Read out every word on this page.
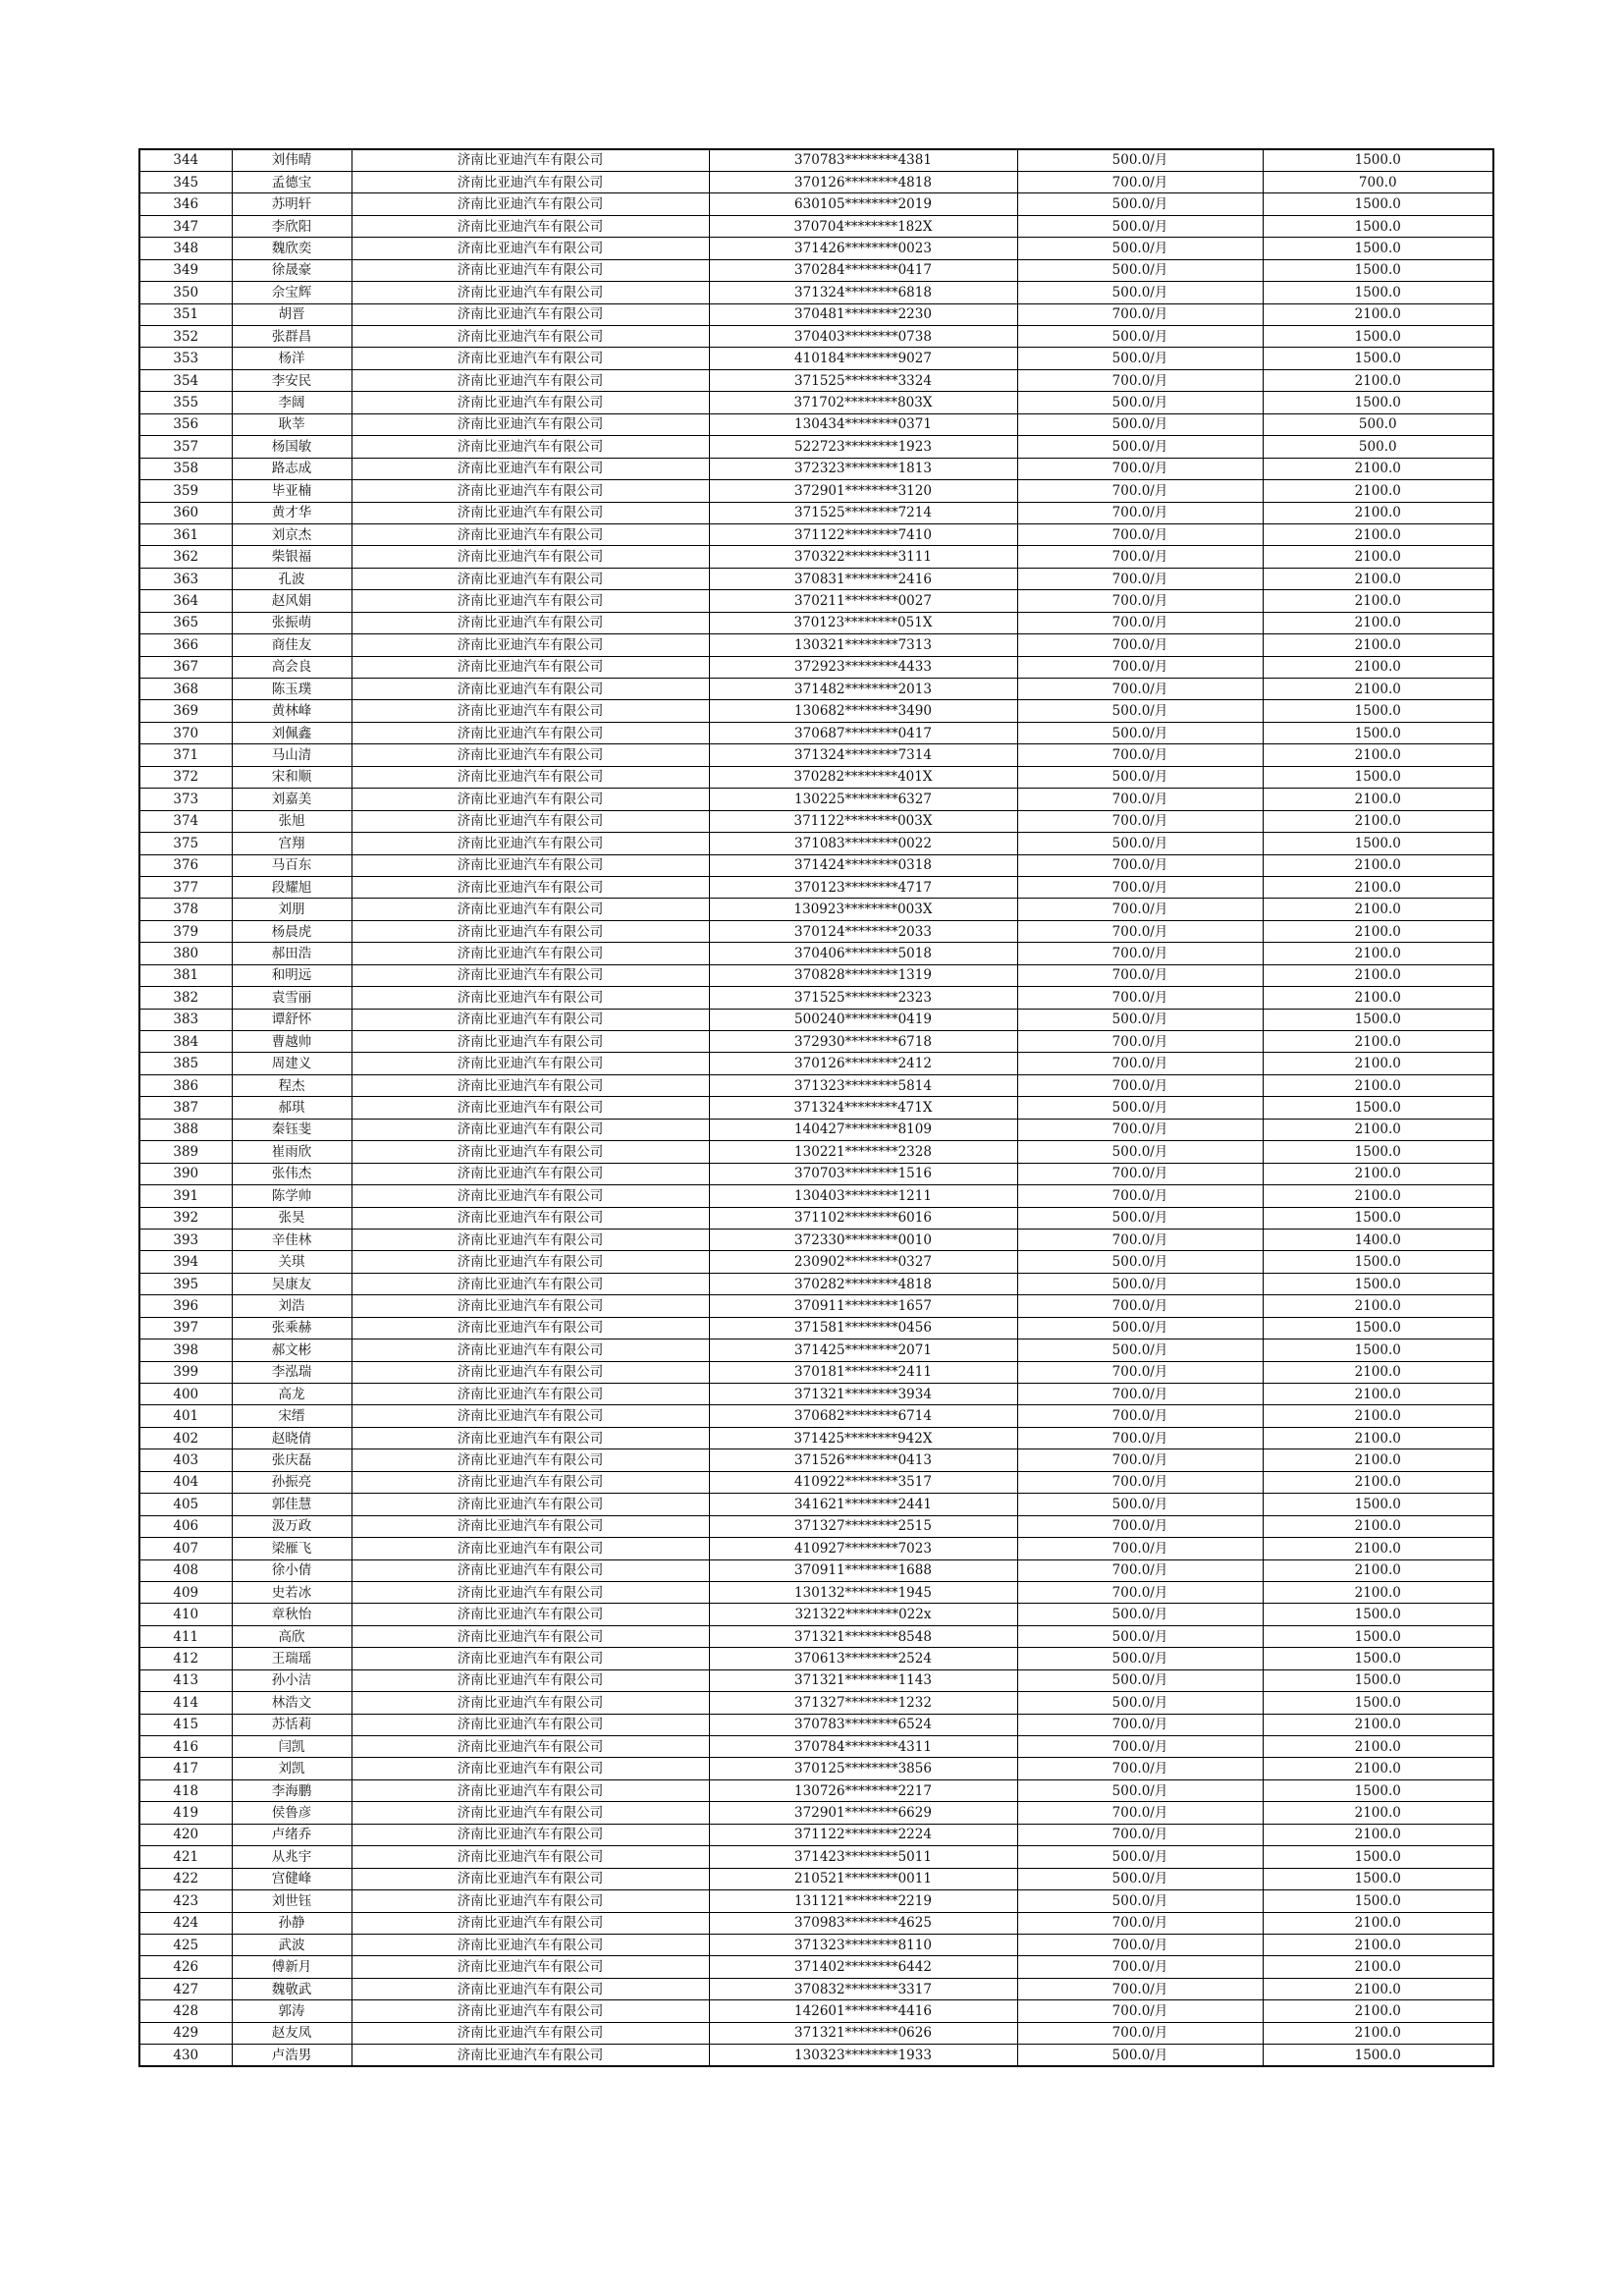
344	刘伟晴	济南比亚迪汽车有限公司	370783********4381	500.0/月	1500.0
345	孟德宝	济南比亚迪汽车有限公司	370126********4818	700.0/月	700.0
346	苏明轩	济南比亚迪汽车有限公司	630105********2019	500.0/月	1500.0
347	李欣阳	济南比亚迪汽车有限公司	370704********182X	500.0/月	1500.0
348	魏欣奕	济南比亚迪汽车有限公司	371426********0023	500.0/月	1500.0
349	徐晟豪	济南比亚迪汽车有限公司	370284********0417	500.0/月	1500.0
350	佘宝辉	济南比亚迪汽车有限公司	371324********6818	500.0/月	1500.0
351	胡晋	济南比亚迪汽车有限公司	370481********2230	700.0/月	2100.0
352	张群昌	济南比亚迪汽车有限公司	370403********0738	500.0/月	1500.0
353	杨洋	济南比亚迪汽车有限公司	410184********9027	500.0/月	1500.0
354	李安民	济南比亚迪汽车有限公司	371525********3324	700.0/月	2100.0
355	李阔	济南比亚迪汽车有限公司	371702********803X	500.0/月	1500.0
356	耿莘	济南比亚迪汽车有限公司	130434********0371	500.0/月	500.0
357	杨国敏	济南比亚迪汽车有限公司	522723********1923	500.0/月	500.0
358	路志成	济南比亚迪汽车有限公司	372323********1813	700.0/月	2100.0
359	毕亚楠	济南比亚迪汽车有限公司	372901********3120	700.0/月	2100.0
360	黄才华	济南比亚迪汽车有限公司	371525********7214	700.0/月	2100.0
361	刘京杰	济南比亚迪汽车有限公司	371122********7410	700.0/月	2100.0
362	柴银福	济南比亚迪汽车有限公司	370322********3111	700.0/月	2100.0
363	孔波	济南比亚迪汽车有限公司	370831********2416	700.0/月	2100.0
364	赵风娟	济南比亚迪汽车有限公司	370211********0027	700.0/月	2100.0
365	张振萌	济南比亚迪汽车有限公司	370123********051X	700.0/月	2100.0
366	商佳友	济南比亚迪汽车有限公司	130321********7313	700.0/月	2100.0
367	高会良	济南比亚迪汽车有限公司	372923********4433	700.0/月	2100.0
368	陈玉璞	济南比亚迪汽车有限公司	371482********2013	700.0/月	2100.0
369	黄林峰	济南比亚迪汽车有限公司	130682********3490	500.0/月	1500.0
370	刘佩鑫	济南比亚迪汽车有限公司	370687********0417	500.0/月	1500.0
371	马山清	济南比亚迪汽车有限公司	371324********7314	700.0/月	2100.0
372	宋和顺	济南比亚迪汽车有限公司	370282********401X	500.0/月	1500.0
373	刘嘉美	济南比亚迪汽车有限公司	130225********6327	700.0/月	2100.0
374	张旭	济南比亚迪汽车有限公司	371122********003X	700.0/月	2100.0
375	宫翔	济南比亚迪汽车有限公司	371083********0022	500.0/月	1500.0
376	马百东	济南比亚迪汽车有限公司	371424********0318	700.0/月	2100.0
377	段耀旭	济南比亚迪汽车有限公司	370123********4717	700.0/月	2100.0
378	刘朋	济南比亚迪汽车有限公司	130923********003X	700.0/月	2100.0
379	杨晨虎	济南比亚迪汽车有限公司	370124********2033	700.0/月	2100.0
380	郝田浩	济南比亚迪汽车有限公司	370406********5018	700.0/月	2100.0
381	和明远	济南比亚迪汽车有限公司	370828********1319	700.0/月	2100.0
382	袁雪丽	济南比亚迪汽车有限公司	371525********2323	700.0/月	2100.0
383	谭舒怀	济南比亚迪汽车有限公司	500240********0419	500.0/月	1500.0
384	曹越帅	济南比亚迪汽车有限公司	372930********6718	700.0/月	2100.0
385	周建义	济南比亚迪汽车有限公司	370126********2412	700.0/月	2100.0
386	程杰	济南比亚迪汽车有限公司	371323********5814	700.0/月	2100.0
387	郝琪	济南比亚迪汽车有限公司	371324********471X	500.0/月	1500.0
388	秦钰斐	济南比亚迪汽车有限公司	140427********8109	700.0/月	2100.0
389	崔雨欣	济南比亚迪汽车有限公司	130221********2328	500.0/月	1500.0
390	张伟杰	济南比亚迪汽车有限公司	370703********1516	700.0/月	2100.0
391	陈学帅	济南比亚迪汽车有限公司	130403********1211	700.0/月	2100.0
392	张昊	济南比亚迪汽车有限公司	371102********6016	500.0/月	1500.0
393	辛佳林	济南比亚迪汽车有限公司	372330********0010	700.0/月	1400.0
394	关琪	济南比亚迪汽车有限公司	230902********0327	500.0/月	1500.0
395	吴康友	济南比亚迪汽车有限公司	370282********4818	500.0/月	1500.0
396	刘浩	济南比亚迪汽车有限公司	370911********1657	700.0/月	2100.0
397	张乘赫	济南比亚迪汽车有限公司	371581********0456	500.0/月	1500.0
398	郝文彬	济南比亚迪汽车有限公司	371425********2071	500.0/月	1500.0
399	李泓瑞	济南比亚迪汽车有限公司	370181********2411	700.0/月	2100.0
400	高龙	济南比亚迪汽车有限公司	371321********3934	700.0/月	2100.0
401	宋缙	济南比亚迪汽车有限公司	370682********6714	700.0/月	2100.0
402	赵晓倩	济南比亚迪汽车有限公司	371425********942X	700.0/月	2100.0
403	张庆磊	济南比亚迪汽车有限公司	371526********0413	700.0/月	2100.0
404	孙振亮	济南比亚迪汽车有限公司	410922********3517	700.0/月	2100.0
405	郭佳慧	济南比亚迪汽车有限公司	341621********2441	500.0/月	1500.0
406	汲万政	济南比亚迪汽车有限公司	371327********2515	700.0/月	2100.0
407	梁雁飞	济南比亚迪汽车有限公司	410927********7023	700.0/月	2100.0
408	徐小倩	济南比亚迪汽车有限公司	370911********1688	700.0/月	2100.0
409	史若冰	济南比亚迪汽车有限公司	130132********1945	700.0/月	2100.0
410	章秋怡	济南比亚迪汽车有限公司	321322********022x	500.0/月	1500.0
411	高欣	济南比亚迪汽车有限公司	371321********8548	500.0/月	1500.0
412	王瑞瑶	济南比亚迪汽车有限公司	370613********2524	500.0/月	1500.0
413	孙小洁	济南比亚迪汽车有限公司	371321********1143	500.0/月	1500.0
414	林浩文	济南比亚迪汽车有限公司	371327********1232	500.0/月	1500.0
415	苏恬莉	济南比亚迪汽车有限公司	370783********6524	700.0/月	2100.0
416	闫凯	济南比亚迪汽车有限公司	370784********4311	700.0/月	2100.0
417	刘凯	济南比亚迪汽车有限公司	370125********3856	700.0/月	2100.0
418	李海鹏	济南比亚迪汽车有限公司	130726********2217	500.0/月	1500.0
419	侯鲁彦	济南比亚迪汽车有限公司	372901********6629	700.0/月	2100.0
420	卢绪乔	济南比亚迪汽车有限公司	371122********2224	700.0/月	2100.0
421	从兆宇	济南比亚迪汽车有限公司	371423********5011	500.0/月	1500.0
422	宫健峰	济南比亚迪汽车有限公司	210521********0011	500.0/月	1500.0
423	刘世钰	济南比亚迪汽车有限公司	131121********2219	500.0/月	1500.0
424	孙静	济南比亚迪汽车有限公司	370983********4625	700.0/月	2100.0
425	武波	济南比亚迪汽车有限公司	371323********8110	700.0/月	2100.0
426	傅新月	济南比亚迪汽车有限公司	371402********6442	700.0/月	2100.0
427	魏敬武	济南比亚迪汽车有限公司	370832********3317	700.0/月	2100.0
428	郭涛	济南比亚迪汽车有限公司	142601********4416	700.0/月	2100.0
429	赵友凤	济南比亚迪汽车有限公司	371321********0626	700.0/月	2100.0
430	卢浩男	济南比亚迪汽车有限公司	130323********1933	500.0/月	1500.0
